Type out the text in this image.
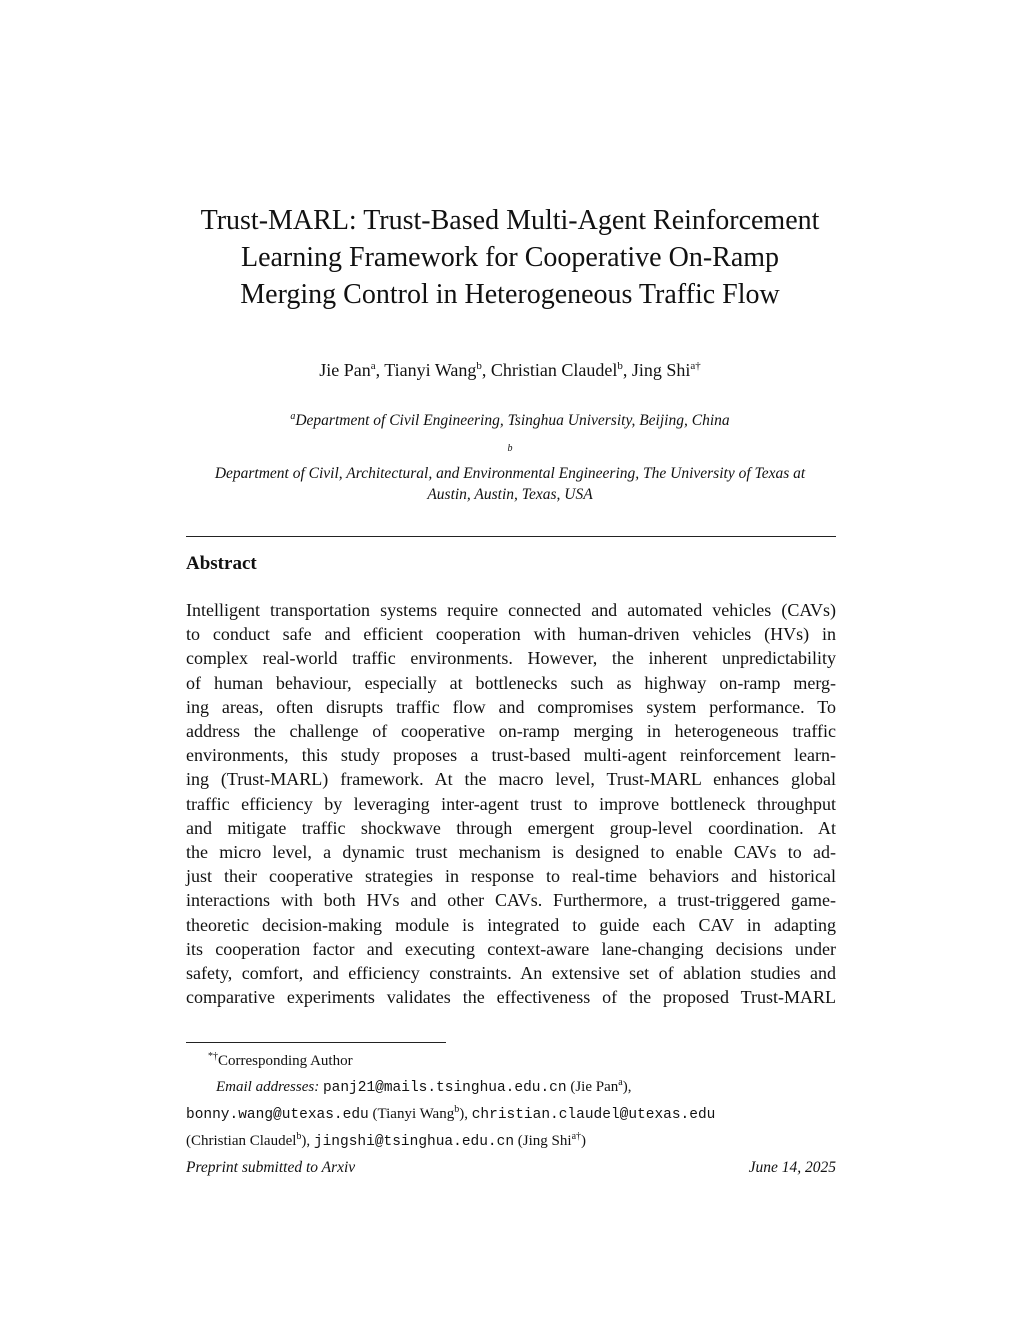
Trust-MARL: Trust-Based Multi-Agent Reinforcement
Learning Framework for Cooperative On-Ramp
Merging Control in Heterogeneous Traffic Flow
Jie Pan$^a$, Tianyi Wang$^b$, Christian Claudel$^b$, Jing Shi$^{a\dagger}$
$^a$Department of Civil Engineering, Tsinghua University, Beijing, China
$^b$
Department of Civil, Architectural, and Environmental Engineering, The University of Texas at
Austin, Austin, Texas, USA
Abstract
Intelligent transportation systems require connected and automated vehicles (CAVs)
to conduct safe and efficient cooperation with human-driven vehicles (HVs) in
complex real-world traffic environments. However, the inherent unpredictability
of human behaviour, especially at bottlenecks such as highway on-ramp merg-
ing areas, often disrupts traffic flow and compromises system performance. To
address the challenge of cooperative on-ramp merging in heterogeneous traffic
environments, this study proposes a trust-based multi-agent reinforcement learn-
ing (Trust-MARL) framework. At the macro level, Trust-MARL enhances global
traffic efficiency by leveraging inter-agent trust to improve bottleneck throughput
and mitigate traffic shockwave through emergent group-level coordination. At
the micro level, a dynamic trust mechanism is designed to enable CAVs to ad-
just their cooperative strategies in response to real-time behaviors and historical
interactions with both HVs and other CAVs. Furthermore, a trust-triggered game-
theoretic decision-making module is integrated to guide each CAV in adapting
its cooperation factor and executing context-aware lane-changing decisions under
safety, comfort, and efficiency constraints. An extensive set of ablation studies and
comparative experiments validates the effectiveness of the proposed Trust-MARL
*†Corresponding Author
Email addresses: panj21@mails.tsinghua.edu.cn (Jie Pan$^a$),
bonny.wang@utexas.edu (Tianyi Wang$^b$), christian.claudel@utexas.edu
(Christian Claudel$^b$), jingshi@tsinghua.edu.cn (Jing Shi$^{a\dagger}$)
Preprint submitted to Arxiv	June 14, 2025
